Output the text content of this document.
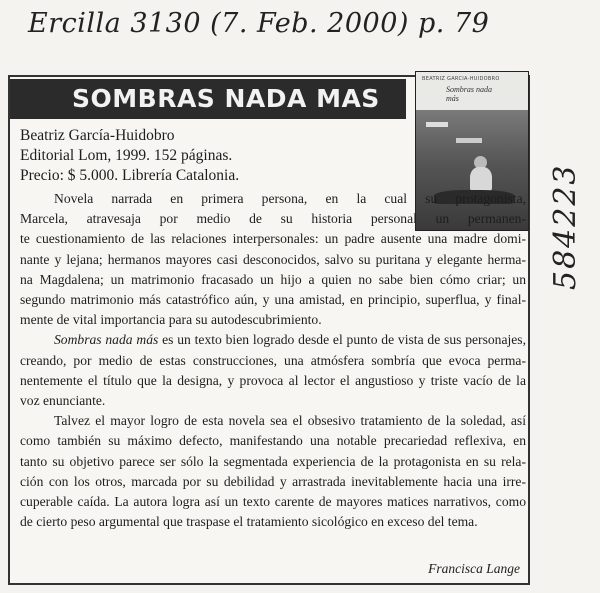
Ercilla 3130 (7. Feb. 2000) p. 79
584223
SOMBRAS NADA MAS
BEATRIZ GARCIA-HUIDOBRO
Sombras nada más
Beatriz García-Huidobro
Editorial Lom, 1999. 152 páginas.
Precio: $ 5.000. Librería Catalonia.

Novela narrada en primera persona, en la cual su protagonista,
Marcela, atravesaja por medio de su historia personal un permanen-
te cuestionamiento de las relaciones interpersonales: un padre ausente una madre domi-
nante y lejana; hermanos mayores casi desconocidos, salvo su puritana y elegante herma-
na Magdalena; un matrimonio fracasado un hijo a quien no sabe bien cómo criar; un
segundo matrimonio más catastrófico aún, y una amistad, en principio, superflua, y final-
mente de vital importancia para su autodescubrimiento.

Sombras nada más es un texto bien logrado desde el punto de vista de sus personajes,
creando, por medio de estas construcciones, una atmósfera sombría que evoca perma-
nentemente el título que la designa, y provoca al lector el angustioso y triste vacío de la
voz enunciante.

Talvez el mayor logro de esta novela sea el obsesivo tratamiento de la soledad, así
como también su máximo defecto, manifestando una notable precariedad reflexiva, en
tanto su objetivo parece ser sólo la segmentada experiencia de la protagonista en su rela-
ción con los otros, marcada por su debilidad y arrastrada inevitablemente hacia una irre-
cuperable caída. La autora logra así un texto carente de mayores matices narrativos, como
de cierto peso argumental que traspase el tratamiento sicológico en exceso del tema.

Francisca Lange
